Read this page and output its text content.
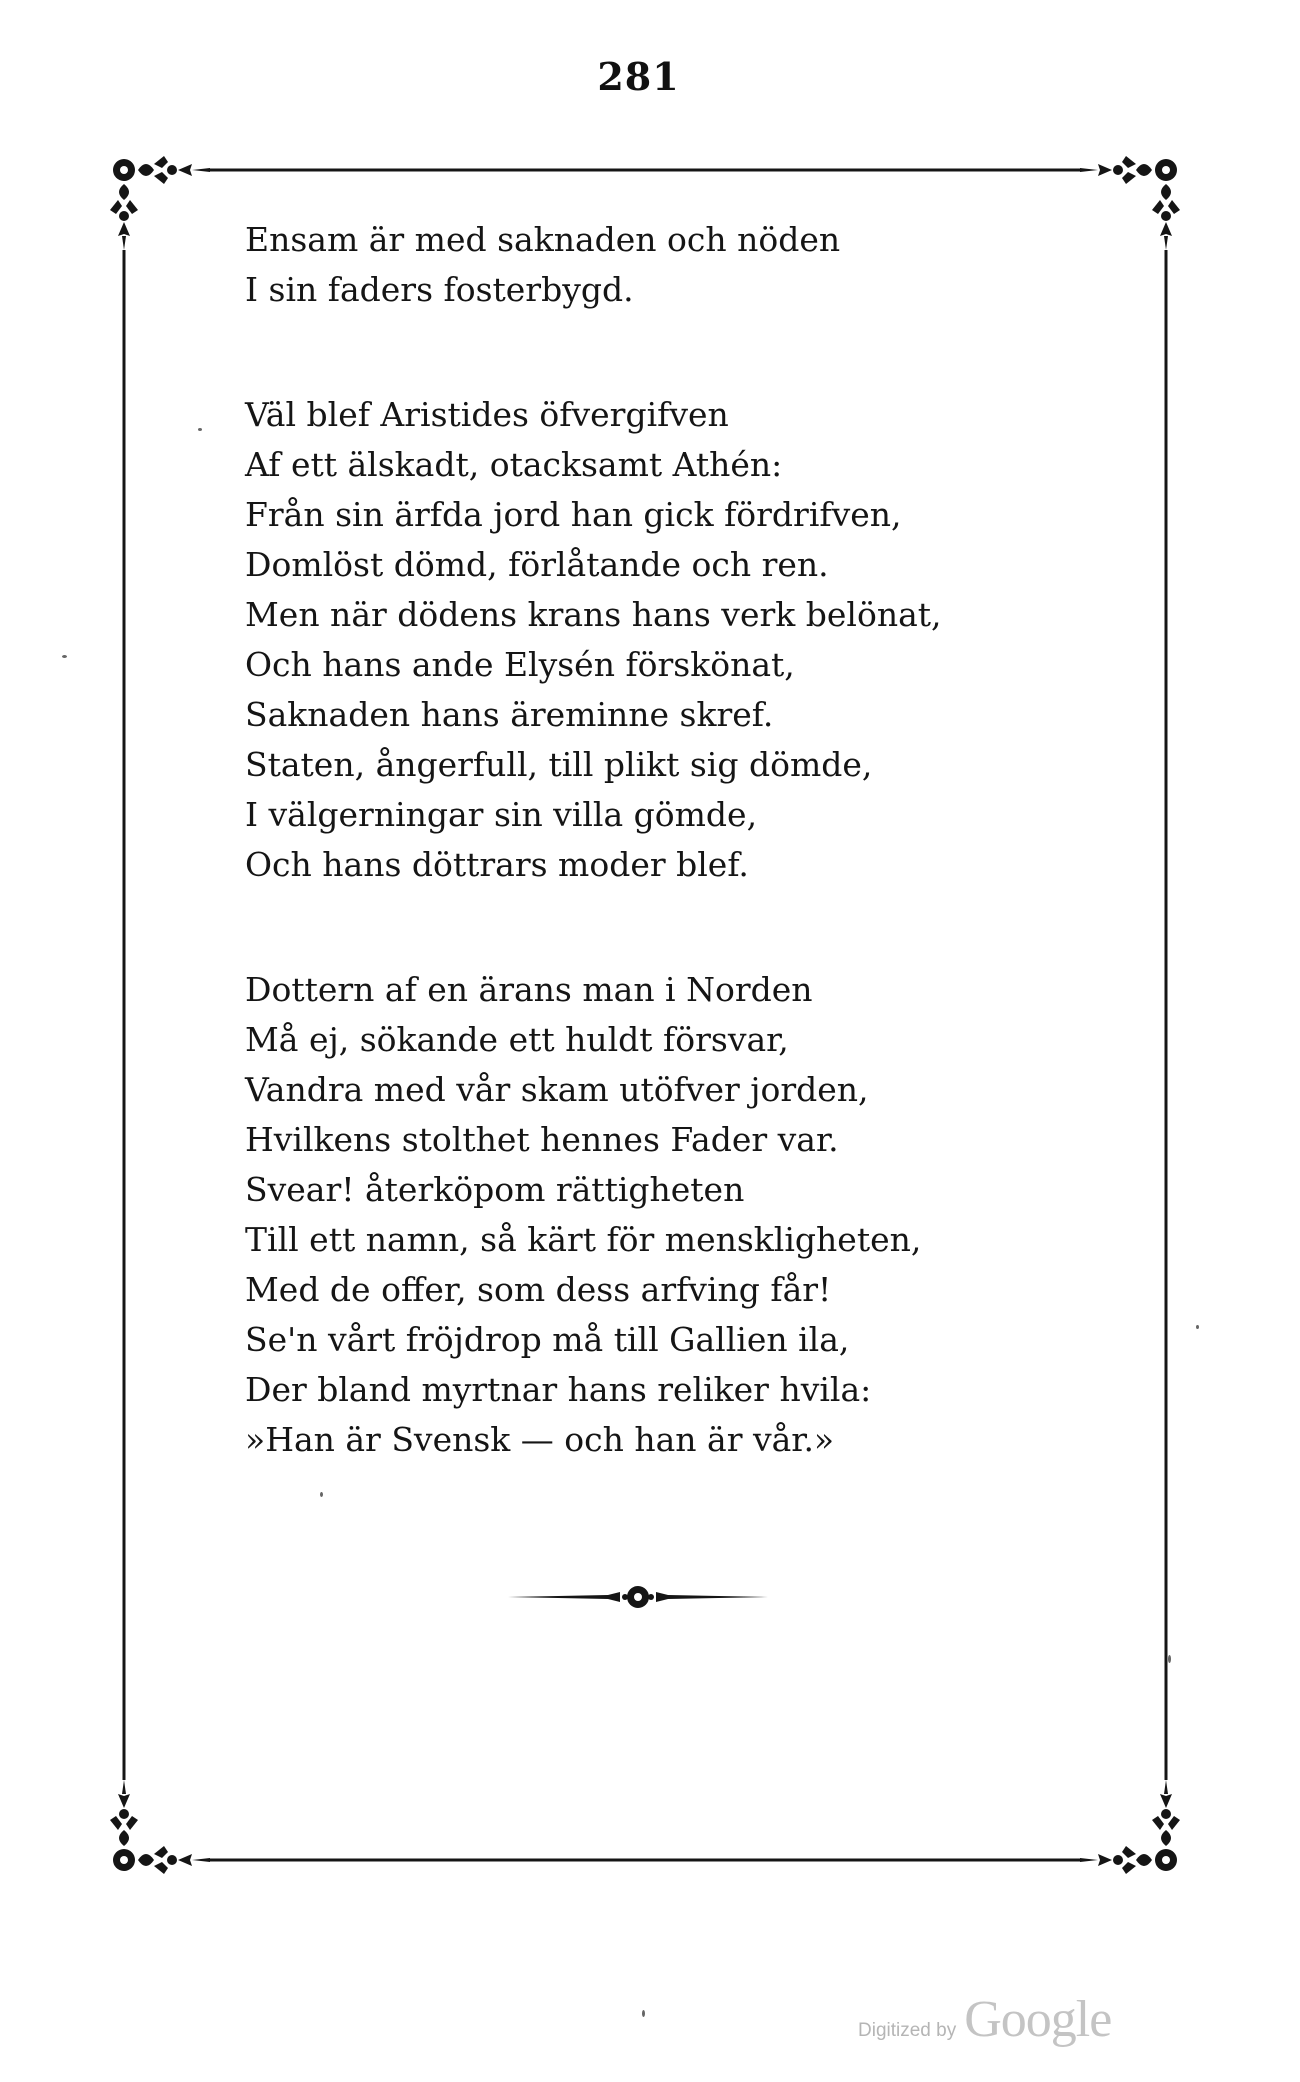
281
Ensam är med saknaden och nöden
I sin faders fosterbygd.
Väl blef Aristides öfvergifven
Af ett älskadt, otacksamt Athén:
Från sin ärfda jord han gick fördrifven,
Domlöst dömd, förlåtande och ren.
Men när dödens krans hans verk belönat,
Och hans ande Elysén förskönat,
Saknaden hans äreminne skref.
Staten, ångerfull, till plikt sig dömde,
I välgerningar sin villa gömde,
Och hans döttrars moder blef.
Dottern af en ärans man i Norden
Må ej, sökande ett huldt försvar,
Vandra med vår skam utöfver jorden,
Hvilkens stolthet hennes Fader var.
Svear! återköpom rättigheten
Till ett namn, så kärt för menskligheten,
Med de offer, som dess arfving får!
Se'n vårt fröjdrop må till Gallien ila,
Der bland myrtnar hans reliker hvila:
»Han är Svensk — och han är vår.»
Digitized by Google
